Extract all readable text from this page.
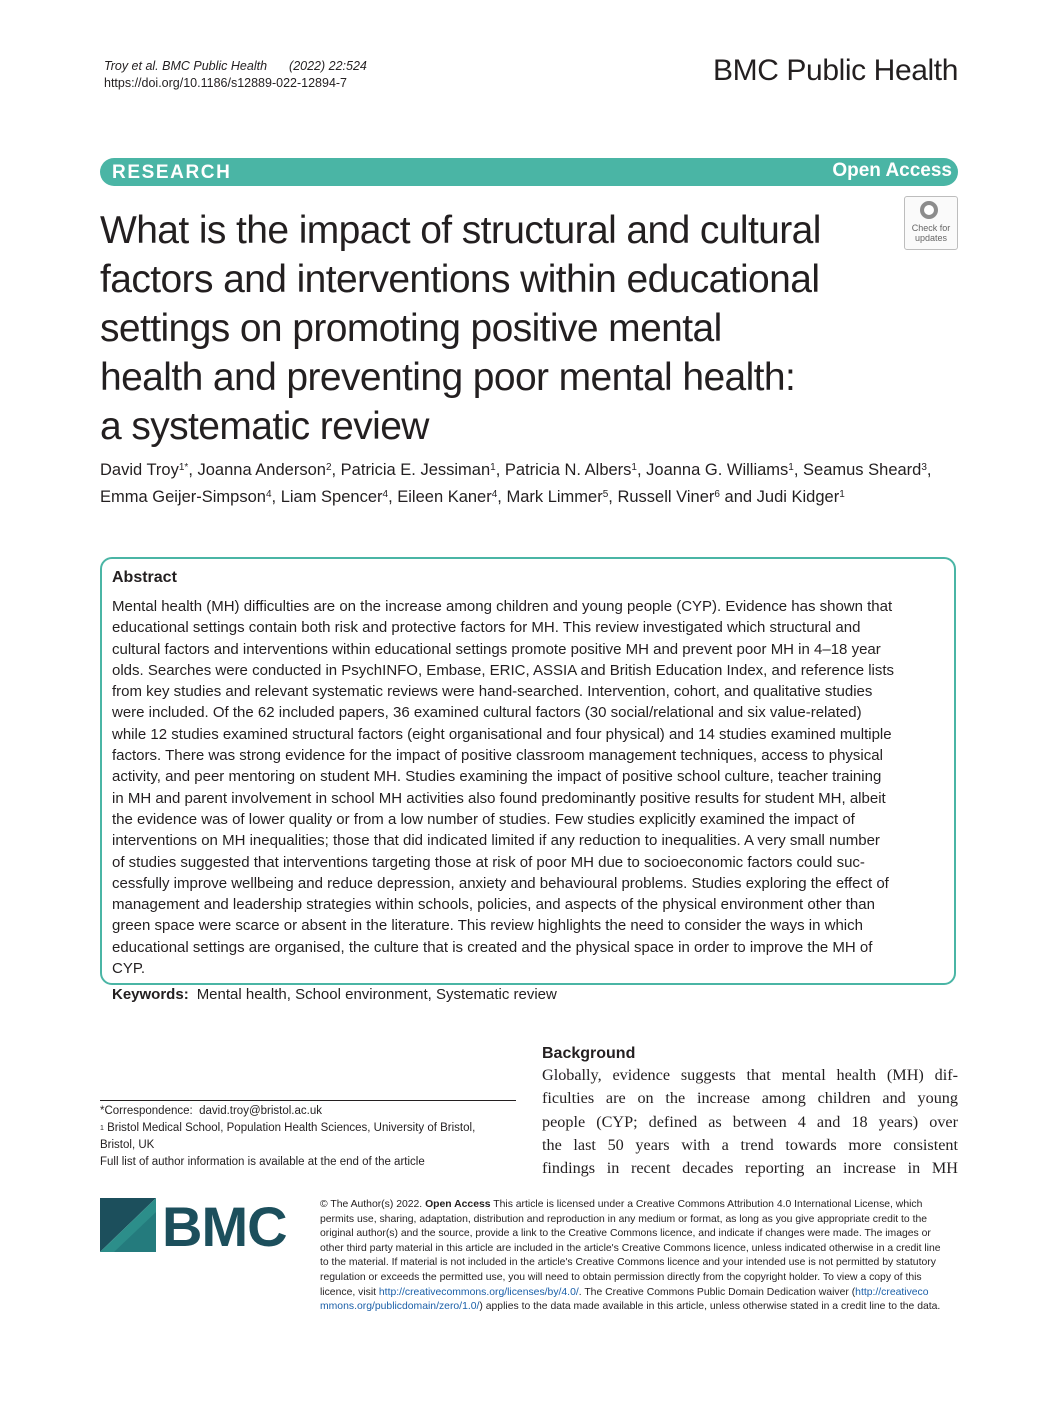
Troy et al. BMC Public Health (2022) 22:524
https://doi.org/10.1186/s12889-022-12894-7	BMC Public Health
RESEARCH	Open Access
What is the impact of structural and cultural
factors and interventions within educational
settings on promoting positive mental
health and preventing poor mental health:
a systematic review
Check for
updates
David Troy$^{1*}$, Joanna Anderson$^2$, Patricia E. Jessiman$^1$, Patricia N. Albers$^1$, Joanna G. Williams$^1$, Seamus Sheard$^3$,
Emma Geijer-Simpson$^4$, Liam Spencer$^4$, Eileen Kaner$^4$, Mark Limmer$^5$, Russell Viner$^6$ and Judi Kidger$^1$
Abstract
Mental health (MH) difficulties are on the increase among children and young people (CYP). Evidence has shown that
educational settings contain both risk and protective factors for MH. This review investigated which structural and
cultural factors and interventions within educational settings promote positive MH and prevent poor MH in 4–18 year
olds. Searches were conducted in PsychINFO, Embase, ERIC, ASSIA and British Education Index, and reference lists
from key studies and relevant systematic reviews were hand-searched. Intervention, cohort, and qualitative studies
were included. Of the 62 included papers, 36 examined cultural factors (30 social/relational and six value-related)
while 12 studies examined structural factors (eight organisational and four physical) and 14 studies examined multiple
factors. There was strong evidence for the impact of positive classroom management techniques, access to physical
activity, and peer mentoring on student MH. Studies examining the impact of positive school culture, teacher training
in MH and parent involvement in school MH activities also found predominantly positive results for student MH, albeit
the evidence was of lower quality or from a low number of studies. Few studies explicitly examined the impact of
interventions on MH inequalities; those that did indicated limited if any reduction to inequalities. A very small number
of studies suggested that interventions targeting those at risk of poor MH due to socioeconomic factors could suc-
cessfully improve wellbeing and reduce depression, anxiety and behavioural problems. Studies exploring the effect of
management and leadership strategies within schools, policies, and aspects of the physical environment other than
green space were scarce or absent in the literature. This review highlights the need to consider the ways in which
educational settings are organised, the culture that is created and the physical space in order to improve the MH of
CYP.
Keywords: Mental health, School environment, Systematic review
Background
Globally, evidence suggests that mental health (MH) dif-
ficulties are on the increase among children and young
people (CYP; defined as between 4 and 18 years) over
the last 50 years with a trend towards more consistent
findings in recent decades reporting an increase in MH
*Correspondence: david.troy@bristol.ac.uk
$^1$ Bristol Medical School, Population Health Sciences, University of Bristol,
Bristol, UK
Full list of author information is available at the end of the article
BMC	© The Author(s) 2022. Open Access This article is licensed under a Creative Commons Attribution 4.0 International License, which
permits use, sharing, adaptation, distribution and reproduction in any medium or format, as long as you give appropriate credit to the
original author(s) and the source, provide a link to the Creative Commons licence, and indicate if changes were made. The images or
other third party material in this article are included in the article's Creative Commons licence, unless indicated otherwise in a credit line
to the material. If material is not included in the article's Creative Commons licence and your intended use is not permitted by statutory
regulation or exceeds the permitted use, you will need to obtain permission directly from the copyright holder. To view a copy of this
licence, visit http://creativecommons.org/licenses/by/4.0/. The Creative Commons Public Domain Dedication waiver (http://creativeco
mmons.org/publicdomain/zero/1.0/) applies to the data made available in this article, unless otherwise stated in a credit line to the data.
